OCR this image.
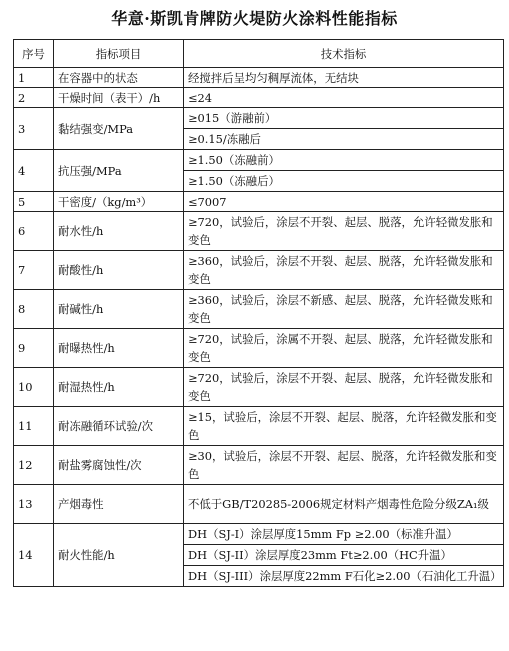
华意·斯凯肯牌防火堤防火涂料性能指标
序号	指标项目	技术指标
1	在容器中的状态	经搅拌后呈均匀稠厚流体，无结块
2	干燥时间（表干）/h	≤24
3	黏结强变/MPa	≥015（游融前）
		≥0.15/冻融后
4	抗压强/MPa	≥1.50（冻融前）
		≥1.50（冻融后）
5	干密度/（kg/m³）	≤7007
6	耐水性/h	≥720，试验后，涂层不开裂、起层、脱落，允许轻微发胀和变色
7	耐酸性/h	≥360，试验后，涂层不开裂、起层、脱落，允许轻微发胀和变色
8	耐碱性/h	≥360，试验后，涂层不新感、起层、脱落，允许轻微发账和变色
9	耐曝热性/h	≥720，试验后，涂属不开裂、起层、脱落，允许轻微发胀和变色
10	耐湿热性/h	≥720，试验后，涂层不开裂、起层、脱落，允许轻微发胀和变色
11	耐冻融循环试验/次	≥15，试验后，涂层不开裂、起层、脱落，允许轻微发胀和变色
12	耐盐雾腐蚀性/次	≥30，试验后，涂层不开裂、起层、脱落，允许轻微发胀和变色
13	产烟毒性	不低于GB/T20285-2006规定材料产烟毒性危险分级ZA₁级
14	耐火性能/h	DH（SJ-I）涂层厚度15mm Fp ≥2.00（标准升温）
		DH（SJ-II）涂层厚度23mm Ft≥2.00（HC升温）
		DH（SJ-III）涂层厚度22mm F石化≥2.00（石油化工升温）
